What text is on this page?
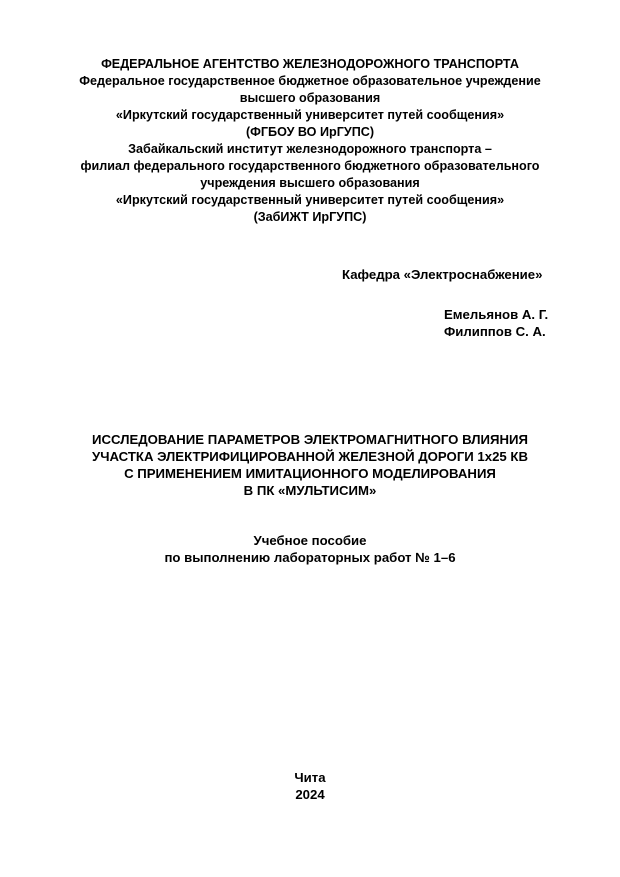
ФЕДЕРАЛЬНОЕ АГЕНТСТВО ЖЕЛЕЗНОДОРОЖНОГО ТРАНСПОРТА
Федеральное государственное бюджетное образовательное учреждение
высшего образования
«Иркутский государственный университет путей сообщения»
(ФГБОУ ВО ИрГУПС)
Забайкальский институт железнодорожного транспорта –
филиал федерального государственного бюджетного образовательного
учреждения высшего образования
«Иркутский государственный университет путей сообщения»
(ЗабИЖТ ИрГУПС)
Кафедра «Электроснабжение»
Емельянов А. Г.
Филиппов С. А.
ИССЛЕДОВАНИЕ ПАРАМЕТРОВ ЭЛЕКТРОМАГНИТНОГО ВЛИЯНИЯ
УЧАСТКА ЭЛЕКТРИФИЦИРОВАННОЙ ЖЕЛЕЗНОЙ ДОРОГИ 1х25 КВ
С ПРИМЕНЕНИЕМ ИМИТАЦИОННОГО МОДЕЛИРОВАНИЯ
В ПК «МУЛЬТИСИМ»
Учебное пособие
по выполнению лабораторных работ № 1–6
Чита
2024
